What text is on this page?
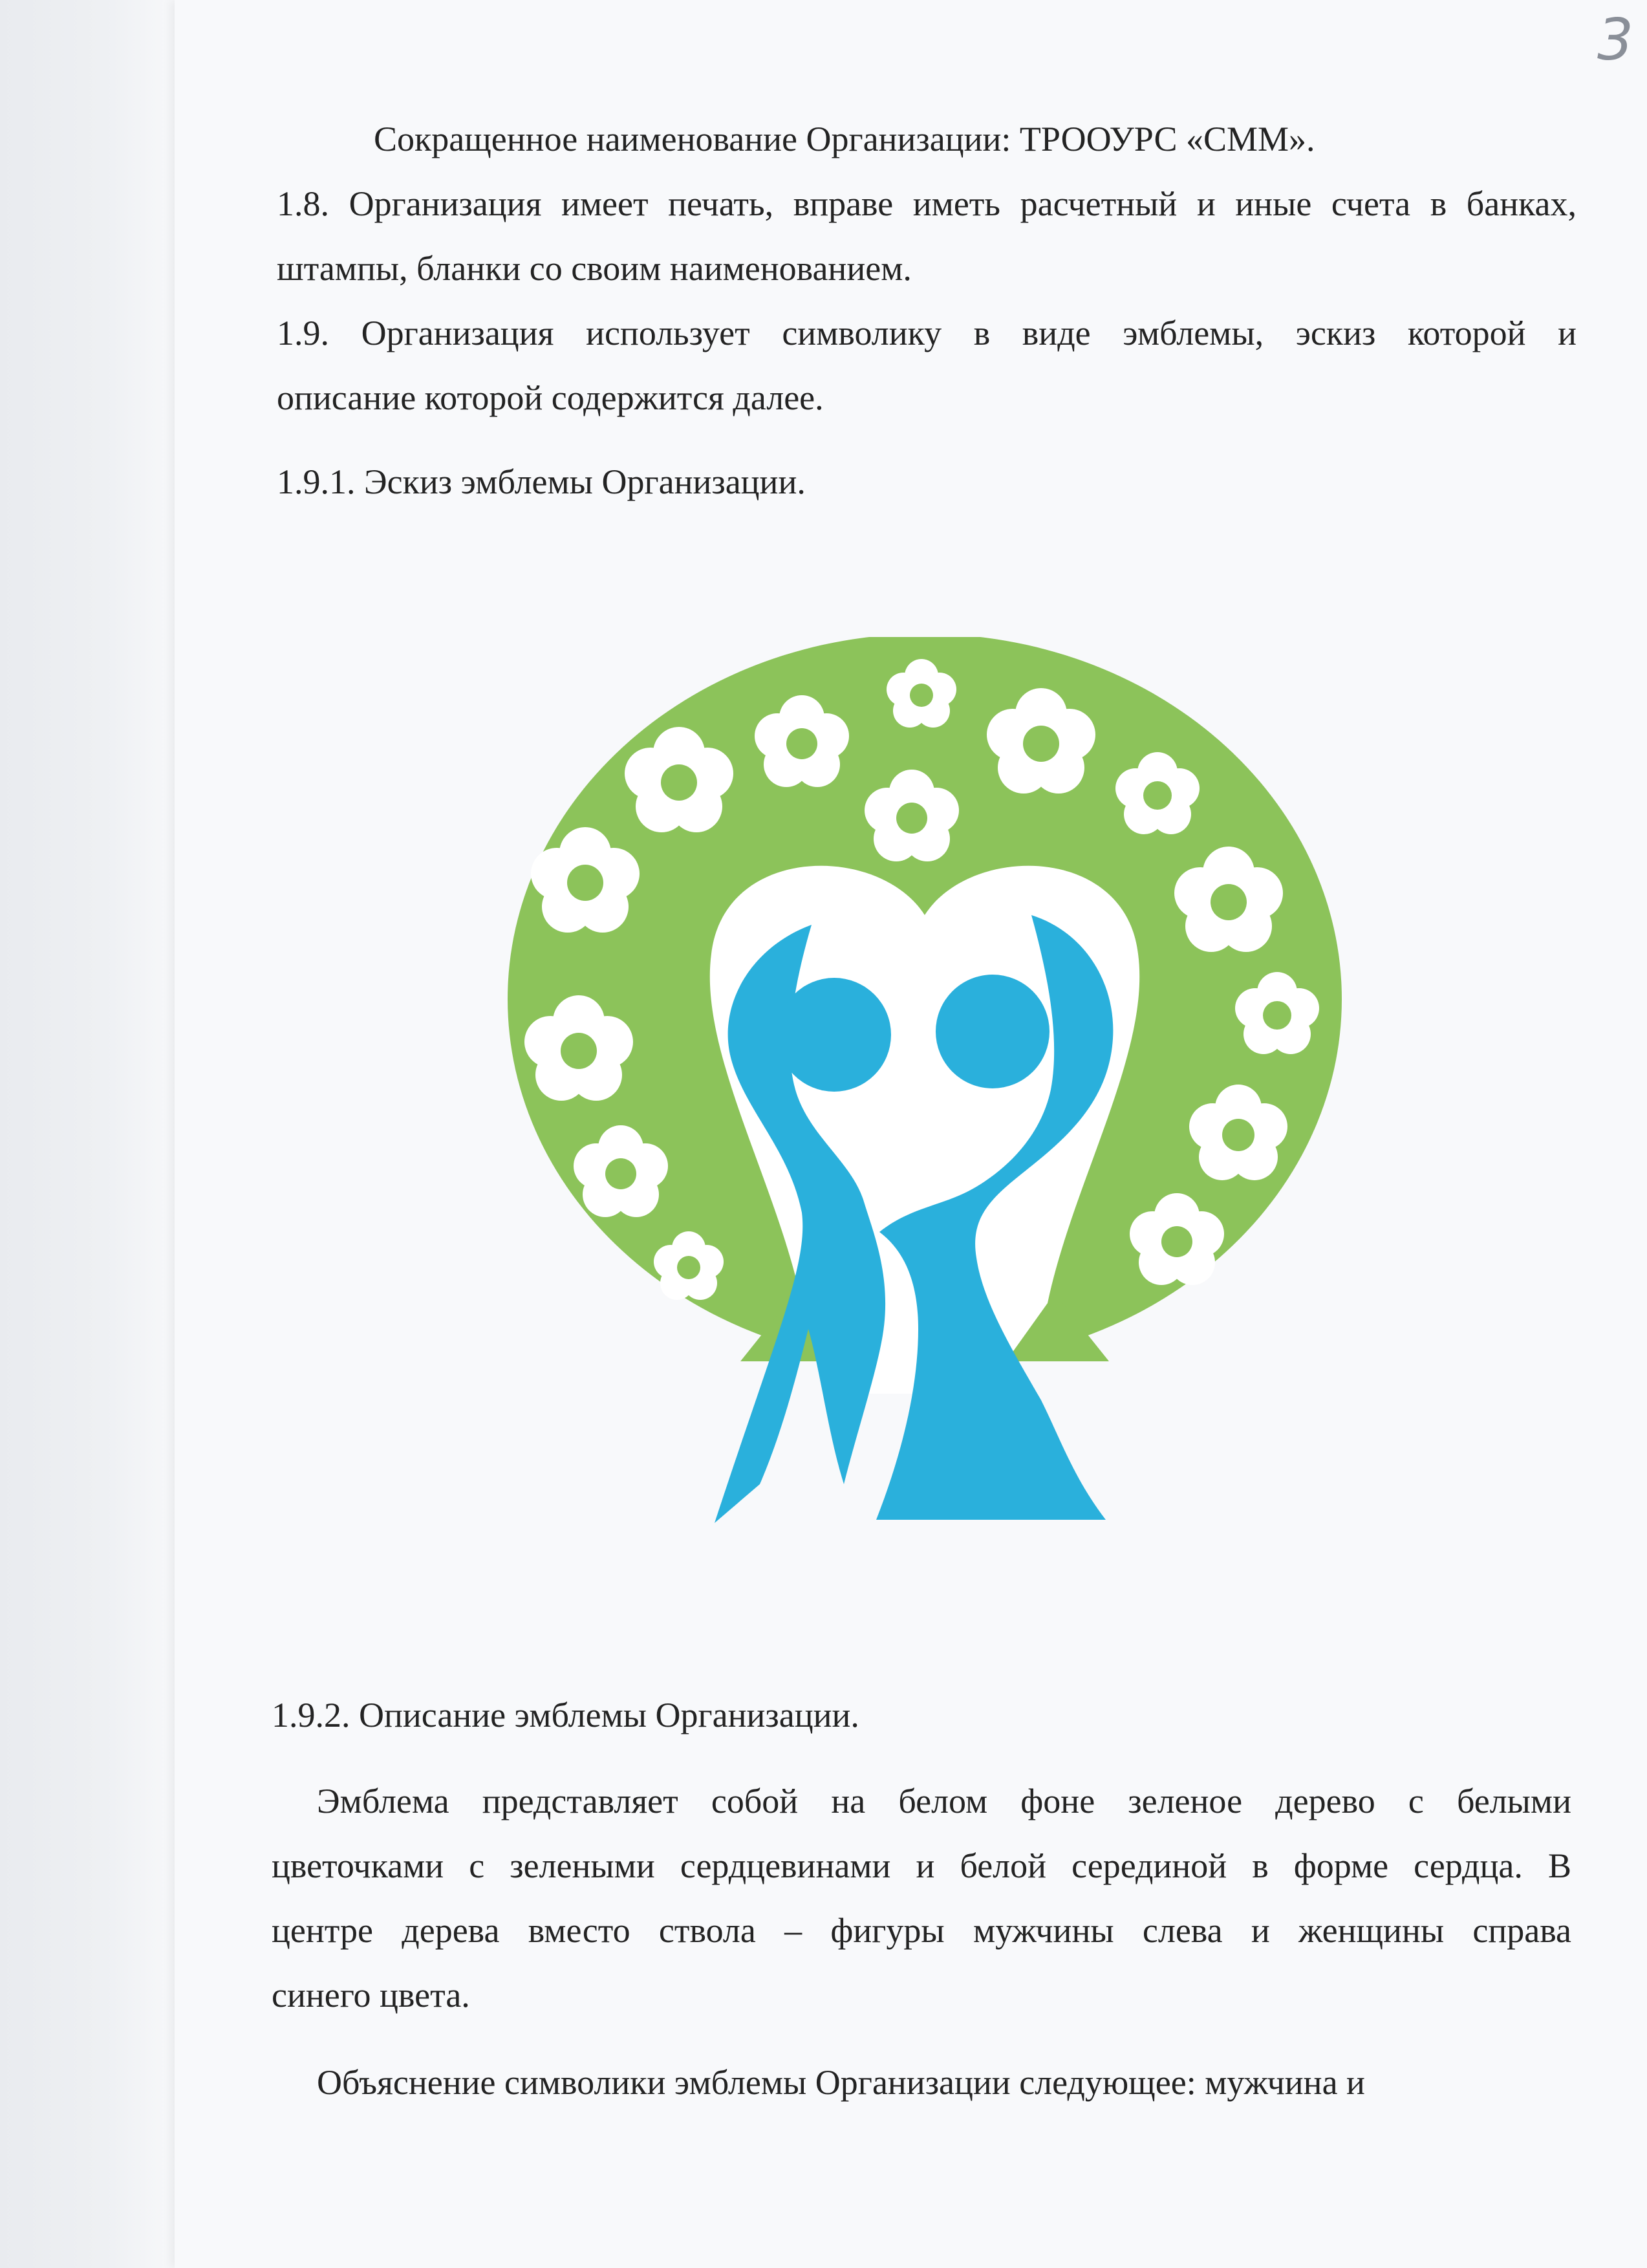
3

Сокращенное наименование Организации: ТРООУРС «СММ».

1.8. Организация имеет печать, вправе иметь расчетный и иные счета в банках,

штампы, бланки со своим наименованием.

1.9. Организация использует символику в виде эмблемы, эскиз которой и

описание которой содержится далее.

1.9.1. Эскиз эмблемы Организации.

1.9.2. Описание эмблемы Организации.

Эмблема представляет собой на белом фоне зеленое дерево с белыми

цветочками с зелеными сердцевинами и белой серединой в форме сердца. В

центре дерева вместо ствола – фигуры мужчины слева и женщины справа

синего цвета.

Объяснение символики эмблемы Организации следующее: мужчина и
